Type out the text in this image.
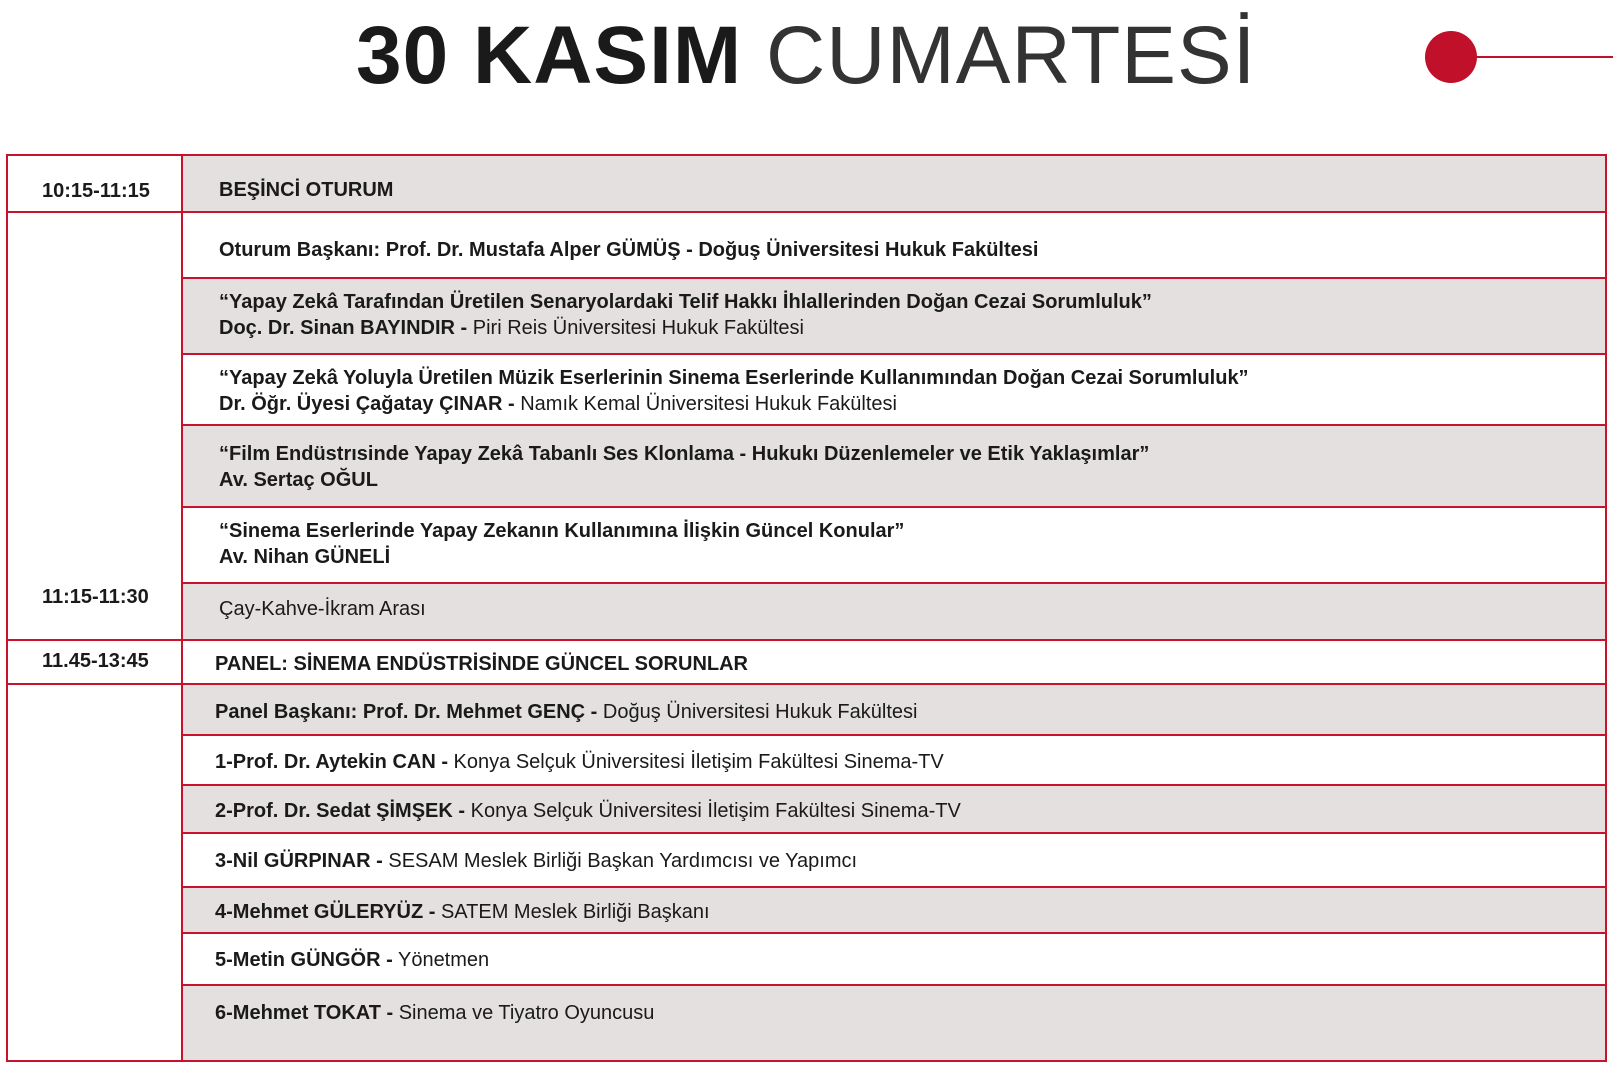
30 KASIM CUMARTESİ
10:15-11:15
11:15-11:30
11.45-13:45
BEŞİNCİ OTURUM
Oturum Başkanı: Prof. Dr. Mustafa Alper GÜMÜŞ - Doğuş Üniversitesi Hukuk Fakültesi
“Yapay Zekâ Tarafından Üretilen Senaryolardaki Telif Hakkı İhlallerinden Doğan Cezai Sorumluluk”
Doç. Dr. Sinan BAYINDIR - Piri Reis Üniversitesi Hukuk Fakültesi
“Yapay Zekâ Yoluyla Üretilen Müzik Eserlerinin Sinema Eserlerinde Kullanımından Doğan Cezai Sorumluluk”
Dr. Öğr. Üyesi Çağatay ÇINAR - Namık Kemal Üniversitesi Hukuk Fakültesi
“Film Endüstrısinde Yapay Zekâ Tabanlı Ses Klonlama - Hukukı Düzenlemeler ve Etik Yaklaşımlar”
Av. Sertaç OĞUL
“Sinema Eserlerinde Yapay Zekanın Kullanımına İlişkin Güncel Konular”
Av. Nihan GÜNELİ
Çay-Kahve-İkram Arası
PANEL: SİNEMA ENDÜSTRİSİNDE GÜNCEL SORUNLAR
Panel Başkanı: Prof. Dr. Mehmet GENÇ - Doğuş Üniversitesi Hukuk Fakültesi
1-Prof. Dr. Aytekin CAN - Konya Selçuk Üniversitesi İletişim Fakültesi Sinema-TV
2-Prof. Dr. Sedat ŞİMŞEK - Konya Selçuk Üniversitesi İletişim Fakültesi Sinema-TV
3-Nil GÜRPINAR - SESAM Meslek Birliği Başkan Yardımcısı ve Yapımcı
4-Mehmet GÜLERYÜZ - SATEM Meslek Birliği Başkanı
5-Metin GÜNGÖR - Yönetmen
6-Mehmet TOKAT - Sinema ve Tiyatro Oyuncusu
